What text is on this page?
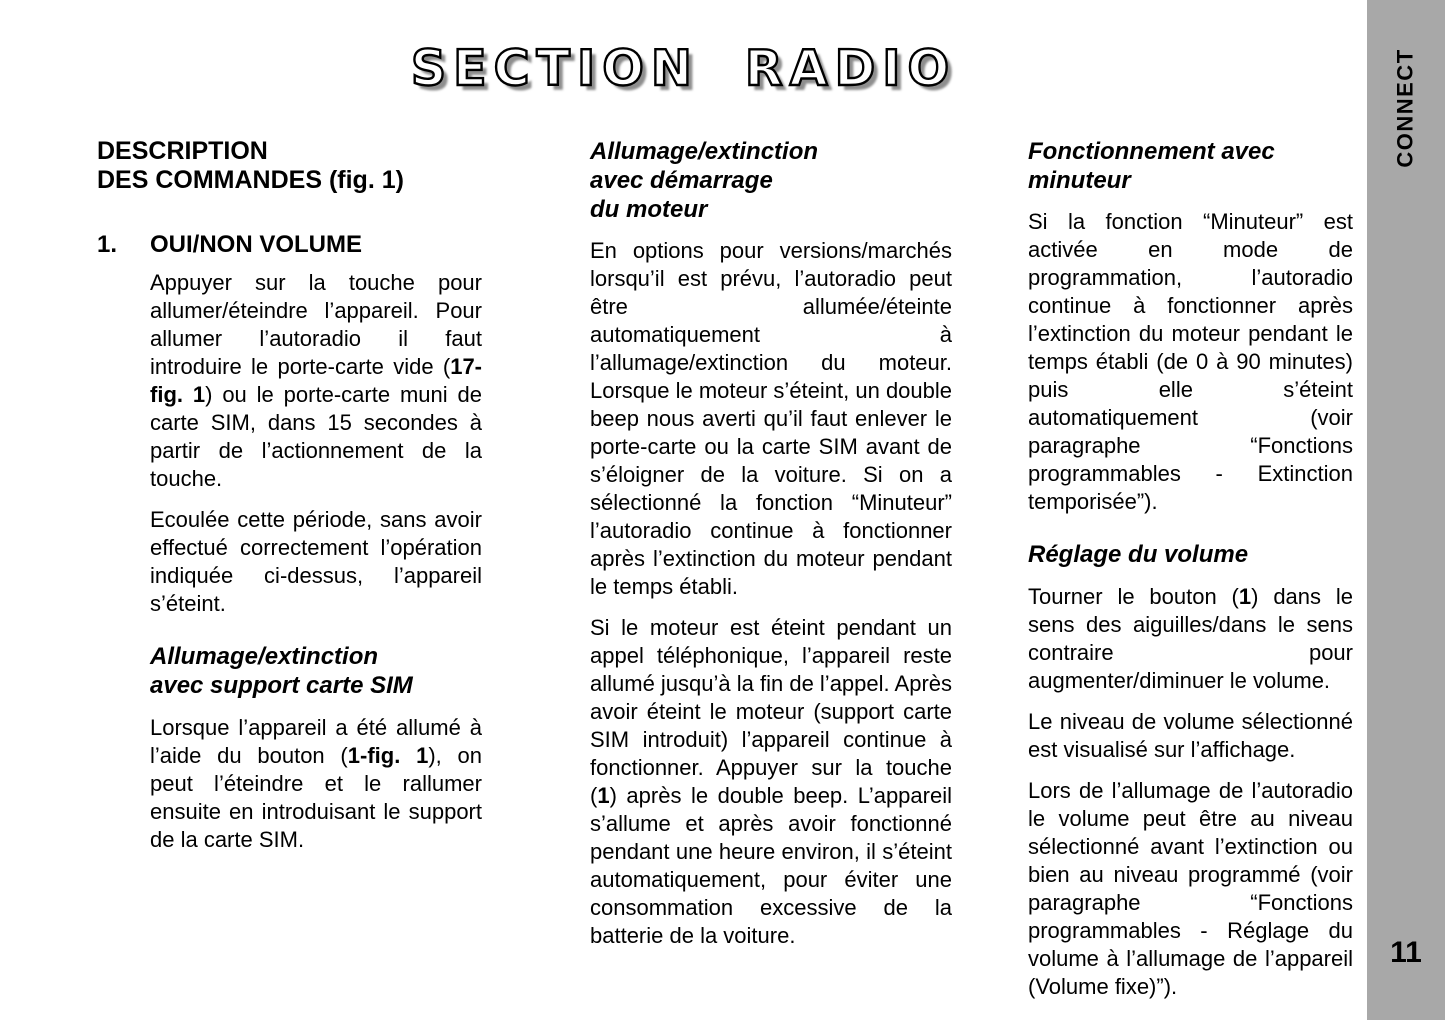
CONNECT
11
SECTION RADIO
DESCRIPTION
DES COMMANDES (fig. 1)
1.	OUI/NON VOLUME

Appuyer sur la touche pour allumer/éteindre l’appareil. Pour allumer l’autoradio il faut introduire le porte-carte vide (17-fig. 1) ou le porte-carte muni de carte SIM, dans 15 secondes à partir de l’actionnement de la touche.

Ecoulée cette période, sans avoir effectué correctement l’opération indiquée ci-dessus, l’appareil s’éteint.

Allumage/extinction
avec support carte SIM

Lorsque l’appareil a été allumé à l’aide du bouton (1-fig. 1), on peut l’éteindre et le rallumer ensuite en introduisant le support de la carte SIM.

Allumage/extinction
avec démarrage
du moteur

En options pour versions/marchés lorsqu’il est prévu, l’autoradio peut être allumée/éteinte automatiquement à l’allumage/extinction du moteur. Lorsque le moteur s’éteint, un double beep nous averti qu’il faut enlever le porte-carte ou la carte SIM avant de s’éloigner de la voiture. Si on a sélectionné la fonction “Minuteur” l’autoradio continue à fonctionner après l’extinction du moteur pendant le temps établi.

Si le moteur est éteint pendant un appel téléphonique, l’appareil reste allumé jusqu’à la fin de l’appel. Après avoir éteint le moteur (support carte SIM introduit) l’appareil continue à fonctionner. Appuyer sur la touche (1) après le double beep. L’appareil s’allume et après avoir fonctionné pendant une heure environ, il s’éteint automatiquement, pour éviter une consommation excessive de la batterie de la voiture.

Fonctionnement avec
minuteur

Si la fonction “Minuteur” est activée en mode de programmation, l’autoradio continue à fonctionner après l’extinction du moteur pendant le temps établi (de 0 à 90 minutes) puis elle s’éteint automatiquement (voir paragraphe “Fonctions programmables - Extinction temporisée”).

Réglage du volume

Tourner le bouton (1) dans le sens des aiguilles/dans le sens contraire pour augmenter/diminuer le volume.

Le niveau de volume sélectionné est visualisé sur l’affichage.

Lors de l’allumage de l’autoradio le volume peut être au niveau sélectionné avant l’extinction ou bien au niveau programmé (voir paragraphe “Fonctions programmables - Réglage du volume à l’allumage de l’appareil (Volume fixe)”).
